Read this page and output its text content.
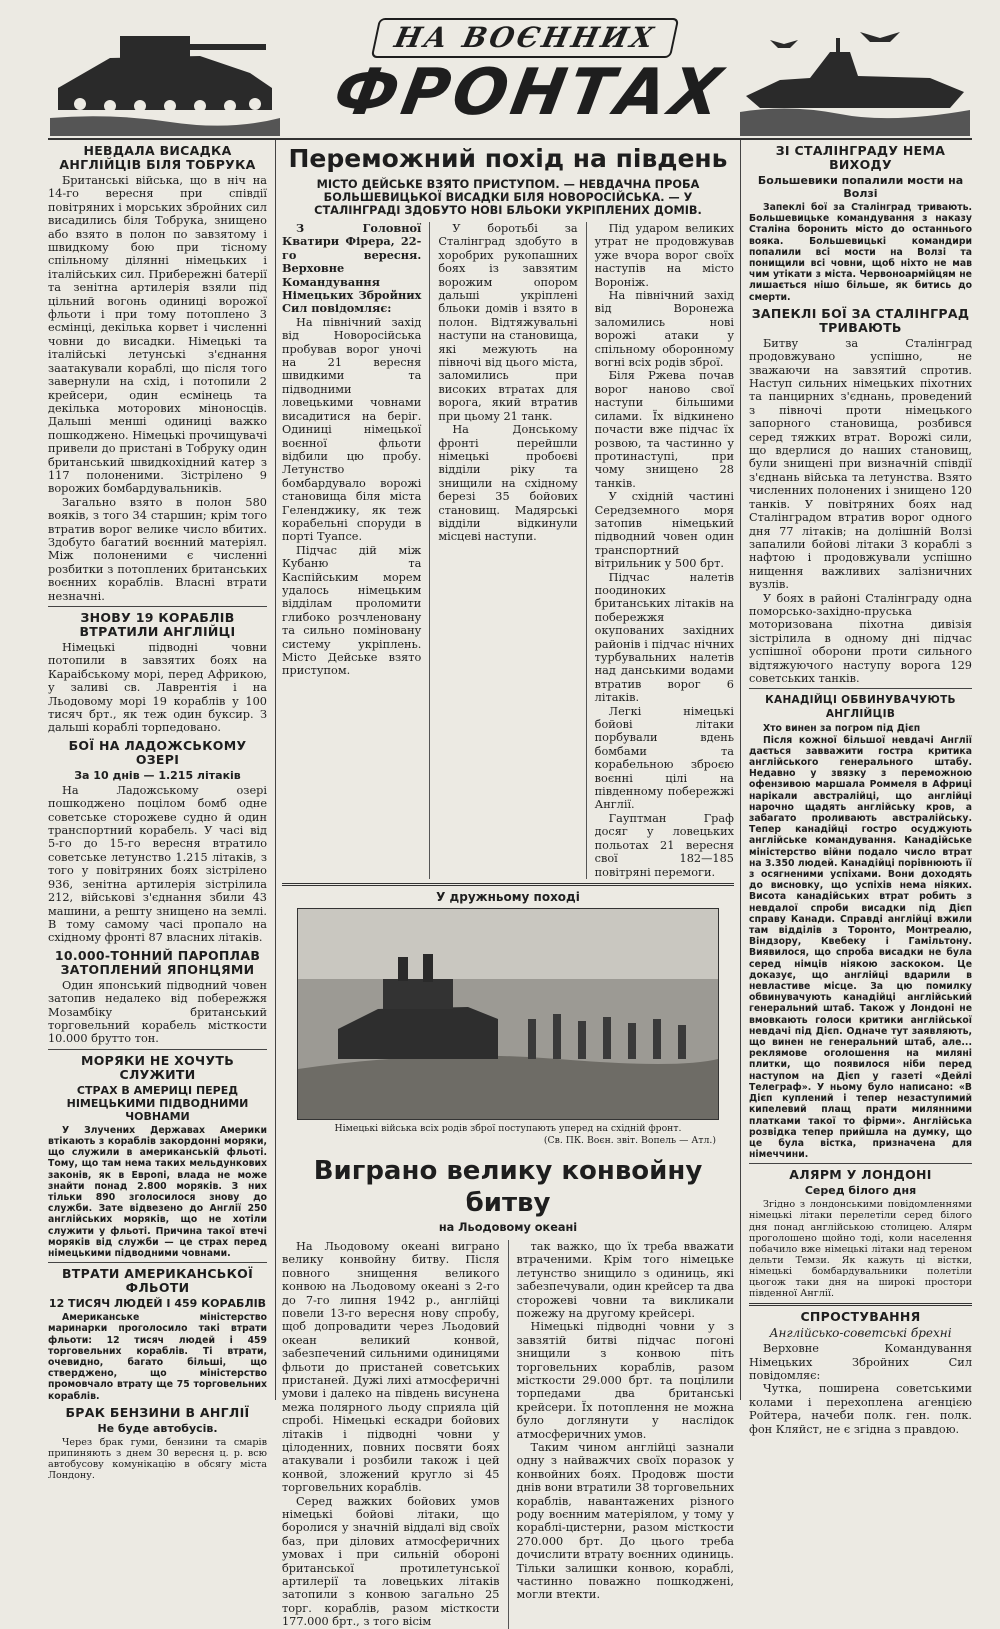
НА ВОЄННИХ
ФРОНТАХ
НЕВДАЛА ВИСАДКА АНГЛІЙЦІВ БІЛЯ ТОБРУКА

Британські війська, що в ніч на 14-го вересня при співдії повітряних і морських збройних сил висадились біля Тобрука, знищено або взято в полон по завзятому і швидкому бою при тісному спільному ділянні німецьких і італійських сил. Прибережні батерії та зенітна артилерія взяли під цільний вогонь одиниці ворожої фльоти і при тому потоплено 3 есмінці, декілька корвет і численні човни до висадки. Німецькі та італійські летунські з'єднання заатакували кораблі, що після того завернули на схід, і потопили 2 крейсери, один есмінець та декілька моторових міноносців. Дальші менші одиниці важко пошкоджено. Німецькі прочищувачі привели до пристані в Тобрукy один британський швидкохідний катер з 117 полоненими. Зістрілено 9 ворожих бомбардувальників.

Загально взято в полон 580 вояків, з того 34 старшин; крім того втратив ворог велике число вбитих. Здобуто багатий воєнний матеріял. Між полоненими є численні розбитки з потоплених британських воєнних кораблів. Власні втрати незначні.

ЗНОВУ 19 КОРАБЛІВ ВТРАТИЛИ АНГЛІЙЦІ

Німецькі підводні човни потопили в завзятих боях на Карaібському морі, перед Африкою, у заливі св. Лаврентія і на Льодовому морі 19 кораблів у 100 тисяч брт., як теж один буксир. З дальші кораблі торпедовано.

БОЇ НА ЛАДОЖСЬКОМУ ОЗЕРІ
За 10 днів — 1.215 літаків

На Ладожському озері пошкоджено поцілом бомб одне советське сторожеве судно й один транспортний корабель. У часі від 5-го до 15-го вересня втратило советське летунство 1.215 літаків, з того у повітряних боях зістрілено 936, зенітна артилерія зістрілила 212, військові з'єднання збили 43 машини, а решту знищено на землі. В тому самому часі пропало на східному фронті 87 власних літаків.

10.000-ТОННИЙ ПАРОПЛАВ ЗАТОПЛЕНИЙ ЯПОНЦЯМИ

Один японський підводний човен затопив недалеко від побережжя Мозамбіку британський торговельний корабель місткости 10.000 брутто тон.

МОРЯКИ НЕ ХОЧУТЬ СЛУЖИТИ
СТРАХ В АМЕРИЦІ ПЕРЕД НІМЕЦЬКИМИ ПІДВОДНИМИ ЧОВНАМИ

У Злучених Державах Америки втікають з кораблів закордонні моряки, що служили в американській фльоті. Тому, що там нема таких мельдункових законів, як в Европі, влада не може знайти понад 2.800 моряків. З них тільки 890 зголосилося знову до служби. Зате відвезено до Англії 250 англійських моряків, що не хотіли служити у фльоті. Причина такої втечі моряків від служби — це страх перед німецькими підводними човнами.

ВТРАТИ АМЕРИКАНСЬКОЇ ФЛЬОТИ
12 ТИСЯЧ ЛЮДЕЙ І 459 КОРАБЛІВ

Американське міністерство маринарки проголосило такі втрати фльоти: 12 тисяч людей і 459 торговельних кораблів. Ті втрати, очевидно, багато більші, що стверджено, що міністерство промовчало втрату ще 75 торговельних кораблів.

БРАК БЕНЗИНИ В АНГЛІЇ
Не буде автобусів.

Через брак гуми, бензини та смарів припиняють з днем 30 вересня ц. р. всю автобусову комунікацію в обсягу міста Лондону.

Переможний похід на південь
МІСТО ДЕЙСЬКЕ ВЗЯТО ПРИСТУПОМ. — НЕВДАЧНА ПРОБА БОЛЬШЕВИЦЬКОЇ ВИСАДКИ БІЛЯ НОВОРОСІЙСЬКА. — У СТАЛІНГРАДІ ЗДОБУТО НОВІ БЛЬОКИ УКРІПЛЕНИХ ДОМІВ.

З Головної Кватири Фірера, 22-го вересня. Верховне Командування Німецьких Збройних Сил повідомляє:

На північний захід від Новоросійська пробував ворог уночі на 21 вересня швидкими та підводними ловецькими човнами висадитися на беріг. Одиниці німецької воєнної фльоти відбили цю пробу. Летунство бомбардувало ворожі становища біля міста Геленджику, як теж корабельні споруди в порті Туапсе.

Підчас дій між Кубаню та Каспійським морем удалось німецьким відділам проломити глибоко розчленовану та сильно поміновану систему укріплень. Місто Дейське взято приступом.

У боротьбі за Сталінград здобуто в хоробрих рукопашних боях із завзятим ворожим опором дальші укріплені бльоки домів і взято в полон. Відтяжувальні наступи на становища, які межують на півночі від цього міста, заломились при високих втратах для ворога, який втратив при цьому 21 танк.

На Донському фронті перейшли німецькі пробоєві відділи ріку та знищили на східному березі 35 бойових становищ. Мадярські відділи відкинули місцеві наступи.

Під ударом великих утрат не продовжував уже вчора ворог своїх наступів на місто Воронiж.

На північний захід від Воронежа заломились нові ворожі атаки у спільному оборонному вогні всіх родів зброї.

Біля Ржева почав ворог наново свої наступи більшими силами. Їх відкинено почасти вже підчас їх розвою, та частинно у протинаступі, при чому знищено 28 танків.

У східній частині Середземного моря затопив німецький підводний човен один транспортний вітрильник у 500 брт.

Підчас налетів поодиноких британських літаків на побережжя окупованих західних районів і підчас нічних турбувальних налетів над данськими водами втратив ворог 6 літаків.

Легкі німецькі бойові літаки порбували вдень бомбами та корабельною зброєю воєнні цілі на південному побережжі Англії.

Гауптман Граф досяг у ловецьких польотах 21 вересня свої 182—185 повітряні перемоги.

У дружньому поході
Німецькі війська всіх родів зброї поступають уперед на східній фронт.
(Св. ПК. Воєн. звіт. Вопель — Атл.)
Виграно велику конвойну битву
на Льодовому океані

На Льодовому океані виграно велику конвойну битву. Після повного знищення великого конвою на Льодовому океані з 2-го до 7-го липня 1942 р., англійці повели 13-го вересня нову спробу, щоб допровадити через Льодовий океан великий конвой, забезпечений сильними одиницями фльоти до пристаней советських пристаней. Дужі лихі атмосферичні умови і далеко на південь висунена межа полярного льоду сприяла цій спробі. Німецькі ескадри бойових літаків і підводні човни у цілоденних, повних посвяти боях атакували і розбили також і цей конвой, зложений кругло зі 45 торговельних кораблів.

Серед важких бойових умов німецькі бойові літаки, що боролися у значній віддалі від своїх баз, при ділових атмосферичних умовах і при сильній обороні британської протилетунської артилерії та ловецьких літаків затопили з конвою загально 25 торг. кораблів, разом місткости 177.000 брт., з того вісім

так важко, що їх треба вважати втраченими. Крім того німецьке летунство знищило з одиниць, які забезпечували, один крейсер та два сторожеві човни та викликали пожежу на другому крейсері.

Німецькі підводні човни у з завзятій битві підчас погоні знищили з конвою піть торговельних кораблів, разом місткости 29.000 брт. та поцілили торпедами два британські крейсери. Їх потоплення не можна було доглянути у наслідок атмосферичних умов.

Таким чином англійці зазнали одну з найважчих своїх поразок у конвойних боях. Продовж шости днів вони втратили 38 торговельних кораблів, навантажених різного роду воєнним матеріялом, у тому у кораблі-цистерни, разом місткости 270.000 брт. До цього треба дочислити втрату воєнних одиниць. Тільки залишки конвою, кораблі, частинно поважно пошкоджені, могли втекти.

ЗІ СТАЛІНГРАДУ НЕМА ВИХОДУ
Большевики попалили мости на Волзі

Запеклі бої за Сталінград тривають. Большевицьке командування з наказу Сталіна боронить місто до останнього вояка. Большевицькі командири попалили всі мости на Волзі та понищили всі човни, щоб ніхто не мав чим утікати з міста. Червоноармійцям не лишається нішо більше, як битись до смерти.

ЗАПЕКЛІ БОЇ ЗА СТАЛІНГРАД ТРИВАЮТЬ

Битву за Сталінград продовжувано успішно, не зважаючи на завзятий спротив. Наступ сильних німецьких піхотних та панцирних з'єднань, проведений з півночі проти німецького запорного становища, розбився серед тяжких втрат. Ворожі сили, що вдерлися до наших становищ, були знищені при визначній співдії з'єднань війська та летунства. Взято численних полонених і знищено 120 танків. У повітряних боях над Сталінградом втратив ворог одного дня 77 літаків; на долішній Волзі запалили бойові літаки 3 кораблі з нафтою і продовжували успішно нищення важливих залізничних вузлів.

У боях в районі Сталінграду одна поморсько-західно-пруська моторизована піхотна дивізія зістрілила в одному дні підчас успішної оборони проти сильного відтяжуючого наступу ворога 129 советських танків.

КАНАДІЙЦІ ОБВИНУВАЧУЮТЬ АНГЛІЙЦІВ

Хто винен за погром під Дієп

Після кожної більшої невдачі Англії дається завважити гостра критика англійського генерального штабу. Недавно у звязку з переможною офензивою маршала Роммеля в Африці нарікали австралійці, що англійці нарочно щадять англійську кров, а забагато проливають австралійську. Тепер канадійці гостро осуджують англійське командування. Канадійське міністерство війни подало число втрат на 3.350 людей. Канадійці порівнюють її з осягненими успіхами. Вони доходять до висновку, що успіхів нема ніяких. Висота канадійських втрат робить з невдалої спроби висадки під Дієп справу Канади. Справді англійці вжили там відділів з Торонто, Монтреалю, Віндзору, Квебеку і Гамільтону. Виявилося, що спроба висадки не була серед німців ніякою заскоком. Це доказує, що англійці вдарили в невластиве місце. За цю помилку обвинувачують канадійці англійський генеральний штаб. Також у Лондоні не вмовкають голоси критики англійської невдачі під Дієп. Одначе тут заявляють, що винен не генеральний штаб, але... реклямове оголошення на миляні плитки, що появилося ніби перед наступом на Дієп у газеті «Дейлі Телеграф». У ньому було написано: «В Дієп куплений і тепер незаступимий кипелевий плащ прати милянними платками такої то фірми». Англійська розвідка тепер прийшла на думку, що це була вістка, призначена для німеччини.

АЛЯРМ У ЛОНДОНІ
Серед білого дня

Згідно з лондонськими повідомленнями німецькі літаки перелетіли серед білого дня понад англійською столицею. Алярм проголошено щойно тоді, коли населення побачило вже німецькі літаки над тереном дельти Темзи. Як кажуть ці вістки, німецькі бомбардувальники полетіли цьогож таки дня на широкі простори південної Англії.

СПРОСТУВАННЯ
Англійсько-советські брехні

Верховне Командування Німецьких Збройних Сил повідомляє:

Чутка, поширена советськими колами і перехоплена агенцією Ройтера, начеби полк. ген. полк. фон Кляйст, не є згідна з правдою.
